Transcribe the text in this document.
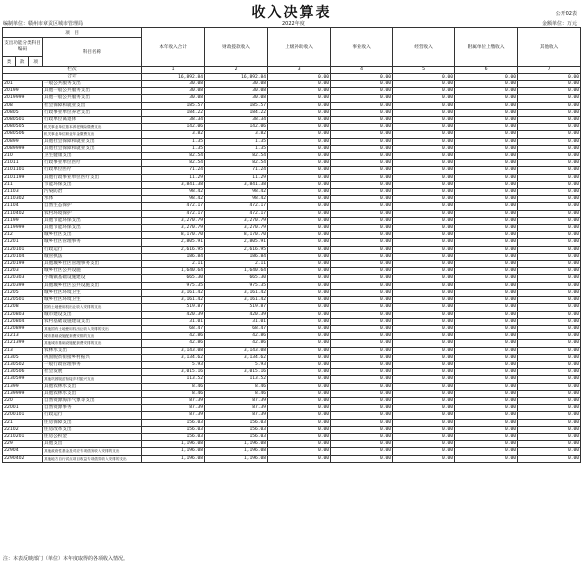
收入决算表	公开02表
编制单位：赣州市章贡区城市管理局	2022年度	金额单位：万元
项　目				本年收入合计	财政拨款收入	上级补助收入	事业收入	经营收入	附属单位上缴收入	其他收入
支出功能分类科目编码			科目名称							
类	款	项								
栏次				1	2	3	4	5	6	7
合计				16,892.84	16,892.84	0.00	0.00	0.00	0.00	0.00
201			一般公共服务支出	30.08	30.08	0.00	0.00	0.00	0.00	0.00
20199			其他一般公共服务支出	30.08	30.08	0.00	0.00	0.00	0.00	0.00
2019999			其他一般公共服务支出	30.08	30.08	0.00	0.00	0.00	0.00	0.00
208			社会保障和就业支出	185.57	185.57	0.00	0.00	0.00	0.00	0.00
20805			行政事业单位养老支出	184.22	184.22	0.00	0.00	0.00	0.00	0.00
2080501			行政单位离退休	38.34	38.34	0.00	0.00	0.00	0.00	0.00
2080505			机关事业单位基本养老保险缴费支出	142.06	142.06	0.00	0.00	0.00	0.00	0.00
2080506			机关事业单位职业年金缴费支出	3.82	3.82	0.00	0.00	0.00	0.00	0.00
20899			其他社会保障和就业支出	1.35	1.35	0.00	0.00	0.00	0.00	0.00
2089999			其他社会保障和就业支出	1.35	1.35	0.00	0.00	0.00	0.00	0.00
210			卫生健康支出	82.54	82.54	0.00	0.00	0.00	0.00	0.00
21011			行政事业单位医疗	82.54	82.54	0.00	0.00	0.00	0.00	0.00
2101101			行政单位医疗	71.24	71.24	0.00	0.00	0.00	0.00	0.00
2101199			其他行政事业单位医疗支出	11.29	11.29	0.00	0.00	0.00	0.00	0.00
211			节能环保支出	3,841.38	3,841.38	0.00	0.00	0.00	0.00	0.00
21103			污染防治	98.42	98.42	0.00	0.00	0.00	0.00	0.00
2110302			水体	98.42	98.42	0.00	0.00	0.00	0.00	0.00
21104			自然生态保护	472.17	472.17	0.00	0.00	0.00	0.00	0.00
2110402			农村环境保护	472.17	472.17	0.00	0.00	0.00	0.00	0.00
21199			其他节能环保支出	3,270.79	3,270.79	0.00	0.00	0.00	0.00	0.00
2119999			其他节能环保支出	3,270.79	3,270.79	0.00	0.00	0.00	0.00	0.00
212			城乡社区支出	8,170.70	8,170.70	0.00	0.00	0.00	0.00	0.00
21201			城乡社区管理事务	2,805.91	2,805.91	0.00	0.00	0.00	0.00	0.00
2120101			行政运行	2,616.95	2,616.95	0.00	0.00	0.00	0.00	0.00
2120104			城管执法	186.84	186.84	0.00	0.00	0.00	0.00	0.00
2120199			其他城乡社区管理事务支出	2.11	2.11	0.00	0.00	0.00	0.00	0.00
21203			城乡社区公共设施	1,640.64	1,640.64	0.00	0.00	0.00	0.00	0.00
2120303			小城镇基础设施建设	665.30	665.30	0.00	0.00	0.00	0.00	0.00
2120399			其他城乡社区公共设施支出	975.35	975.35	0.00	0.00	0.00	0.00	0.00
21205			城乡社区环境卫生	3,161.42	3,161.42	0.00	0.00	0.00	0.00	0.00
2120501			城乡社区环境卫生	3,161.42	3,161.42	0.00	0.00	0.00	0.00	0.00
21208			国有土地使用权出让收入安排的支出	519.87	519.87	0.00	0.00	0.00	0.00	0.00
2120803			城市建设支出	420.39	420.39	0.00	0.00	0.00	0.00	0.00
2120804			农村基础设施建设支出	31.01	31.01	0.00	0.00	0.00	0.00	0.00
2120899			其他国有土地使用权出让收入安排的支出	68.47	68.47	0.00	0.00	0.00	0.00	0.00
21213			城市基础设施配套费安排的支出	42.86	42.86	0.00	0.00	0.00	0.00	0.00
2121399			其他城市基础设施配套费安排的支出	42.86	42.86	0.00	0.00	0.00	0.00	0.00
213			农林水支出	3,143.08	3,143.08	0.00	0.00	0.00	0.00	0.00
21305			巩固脱贫衔接乡村振兴	3,134.62	3,134.62	0.00	0.00	0.00	0.00	0.00
2130502			一般行政管理事务	5.93	5.93	0.00	0.00	0.00	0.00	0.00
2130506			社会发展	3,015.16	3,015.16	0.00	0.00	0.00	0.00	0.00
2130599			其他巩固脱贫衔接乡村振兴支出	113.52	113.52	0.00	0.00	0.00	0.00	0.00
21399			其他农林水支出	8.46	8.46	0.00	0.00	0.00	0.00	0.00
2139999			其他农林水支出	8.46	8.46	0.00	0.00	0.00	0.00	0.00
220			自然资源海洋气象等支出	87.39	87.39	0.00	0.00	0.00	0.00	0.00
22001			自然资源事务	87.39	87.39	0.00	0.00	0.00	0.00	0.00
2200101			行政运行	87.39	87.39	0.00	0.00	0.00	0.00	0.00
221			住房保障支出	156.03	156.03	0.00	0.00	0.00	0.00	0.00
22102			住房改革支出	156.03	156.03	0.00	0.00	0.00	0.00	0.00
2210201			住房公积金	156.03	156.03	0.00	0.00	0.00	0.00	0.00
229			其他支出	1,196.08	1,196.08	0.00	0.00	0.00	0.00	0.00
22904			其他政府性基金及对应专项债务收入安排的支出	1,196.08	1,196.08	0.00	0.00	0.00	0.00	0.00
2290402			其他地方自行试点项目收益专项债券收入安排的支出	1,196.08	1,196.08	0.00	0.00	0.00	0.00	0.00
注：本表反映部门（单位）本年度取得的各项收入情况。
